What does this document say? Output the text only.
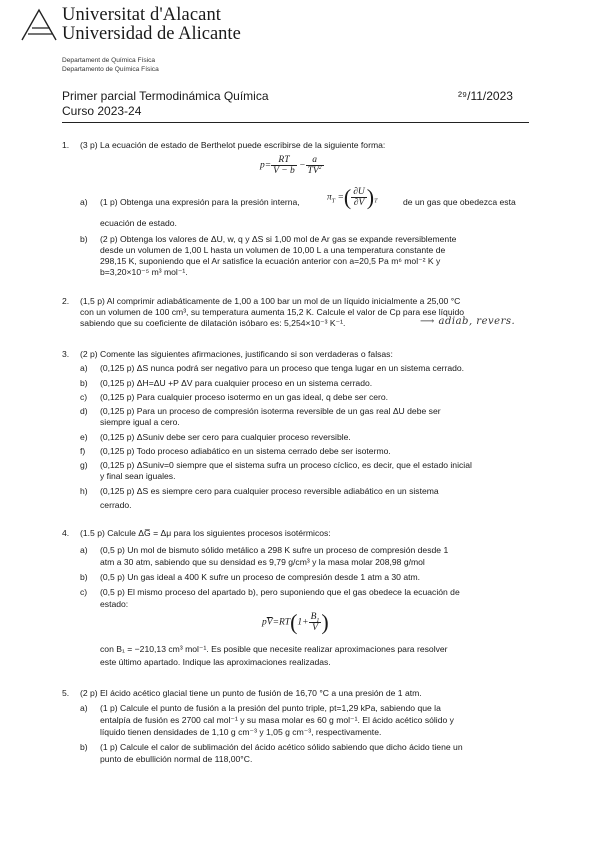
Universitat d'Alacant
Universidad de Alicante
Departament de Química Física
Departamento de Química Física
Primer parcial Termodinámica Química
Curso 2023-24
²⁹/11/2023
1. (3 p) La ecuación de estado de Berthelot puede escribirse de la siguiente forma:
$p= \frac{RT}{\overline{V} - b} - \frac{a}{T\overline{V}^2}$
a) (1 p) Obtenga una expresión para la presión interna,	$\pi_T$ =( $\frac{\partial U}{\partial V} )_T$	de un gas que obedezca esta
ecuación de estado.
b) (2 p) Obtenga los valores de ΔU, w, q y ΔS si 1,00 mol de Ar gas se expande reversiblemente
desde un volumen de 1,00 L hasta un volumen de 10,00 L a una temperatura constante de
298,15 K, suponiendo que el Ar satisfice la ecuación anterior con a=20,5 Pa m⁶ mol⁻² K y
b=3,20×10⁻⁵ m³ mol⁻¹.
2. (1,5 p) Al comprimir adiabáticamente de 1,00 a 100 bar un mol de un líquido inicialmente a 25,00 °C
con un volumen de 100 cm³, su temperatura aumenta 15,2 K. Calcule el valor de Cp para ese líquido
sabiendo que su coeficiente de dilatación isóbaro es: 5,254×10⁻³ K⁻¹.	⟶ adiab, revers.
3. (2 p) Comente las siguientes afirmaciones, justificando si son verdaderas o falsas:
a) (0,125 p) ΔS nunca podrá ser negativo para un proceso que tenga lugar en un sistema cerrado.
b) (0,125 p) ΔH=ΔU +P ΔV para cualquier proceso en un sistema cerrado.
c) (0,125 p) Para cualquier proceso isotermo en un gas ideal, q debe ser cero.
d) (0,125 p) Para un proceso de compresión isoterma reversible de un gas real ΔU debe ser
siempre igual a cero.
e) (0,125 p) ΔSuniv debe ser cero para cualquier proceso reversible.
f) (0,125 p) Todo proceso adiabático en un sistema cerrado debe ser isotermo.
g) (0,125 p) ΔSuniv=0 siempre que el sistema sufra un proceso cíclico, es decir, que el estado inicial
y final sean iguales.
h) (0,125 p) ΔS es siempre cero para cualquier proceso reversible adiabático en un sistema
cerrado.
4. (1.5 p) Calcule ΔG̅ = Δμ para los siguientes procesos isotérmicos:
a) (0,5 p) Un mol de bismuto sólido metálico a 298 K sufre un proceso de compresión desde 1
atm a 30 atm, sabiendo que su densidad es 9,79 g/cm³ y la masa molar 208,98 g/mol
b) (0,5 p) Un gas ideal a 400 K sufre un proceso de compresión desde 1 atm a 30 atm.
c) (0,5 p) El mismo proceso del apartado b), pero suponiendo que el gas obedece la ecuación de
estado:
$p\overline{V}=RT(1+ \frac{B_1}{V}$ )
con B₁ = −210,13 cm³ mol⁻¹. Es posible que necesite realizar aproximaciones para resolver
este último apartado. Indique las aproximaciones realizadas.
5. (2 p) El ácido acético glacial tiene un punto de fusión de 16,70 °C a una presión de 1 atm.
a) (1 p) Calcule el punto de fusión a la presión del punto triple, pt=1,29 kPa, sabiendo que la
entalpía de fusión es 2700 cal mol⁻¹ y su masa molar es 60 g mol⁻¹. El ácido acético sólido y
líquido tienen densidades de 1,10 g cm⁻³ y 1,05 g cm⁻³, respectivamente.
b) (1 p) Calcule el calor de sublimación del ácido acético sólido sabiendo que dicho ácido tiene un
punto de ebullición normal de 118,00°C.
